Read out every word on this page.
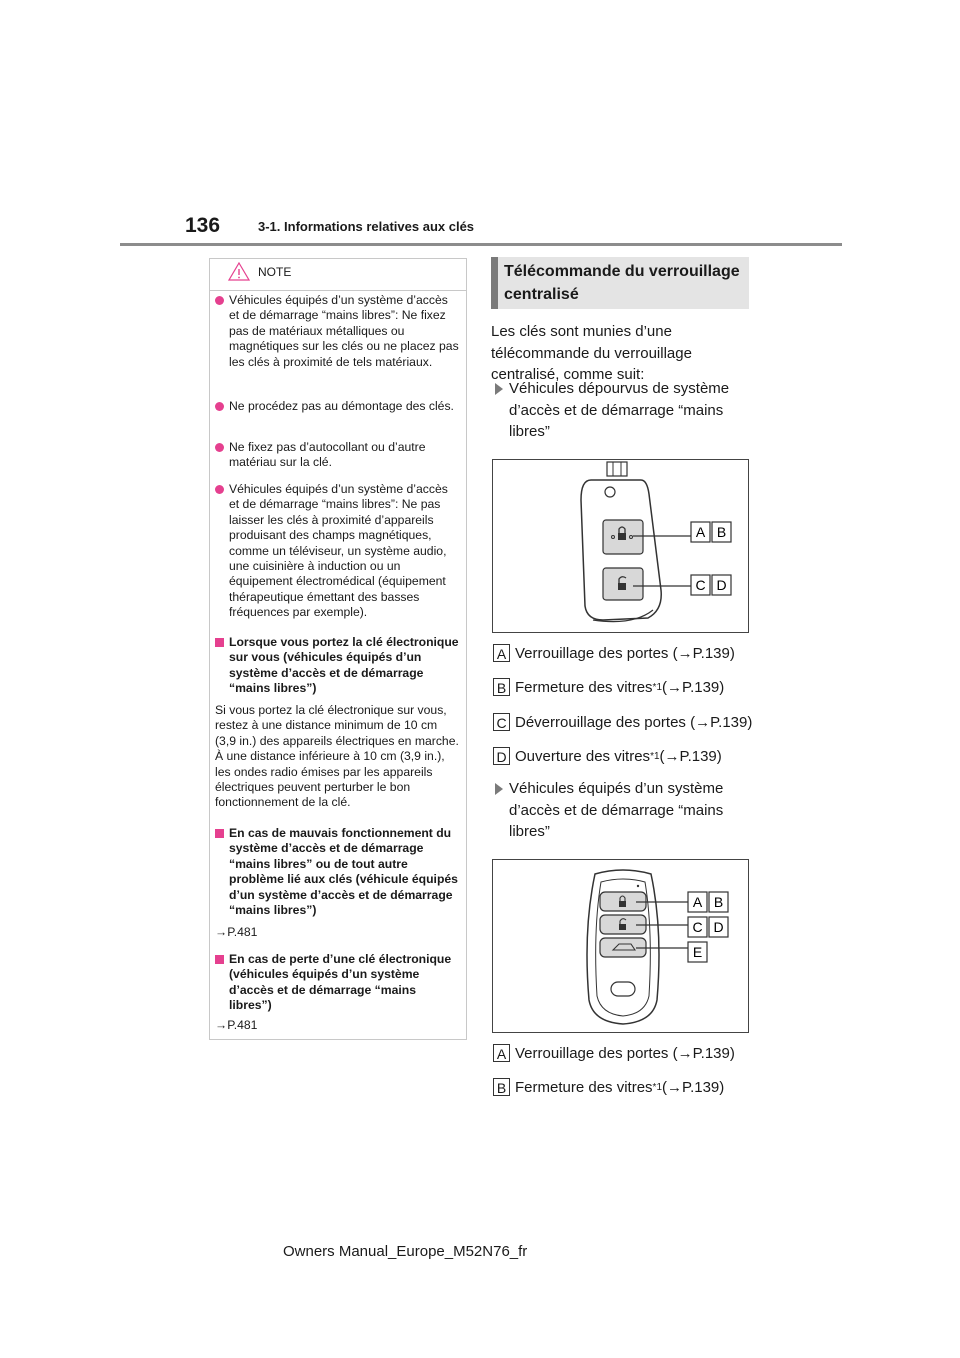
136	3-1. Informations relatives aux clés
NOTE
Véhicules équipés d’un système d’accès et de démarrage “mains libres”: Ne fixez pas de matériaux métalliques ou magnétiques sur les clés ou ne placez pas les clés à proximité de tels matériaux.
Ne procédez pas au démontage des clés.
Ne fixez pas d’autocollant ou d’autre matériau sur la clé.
Véhicules équipés d’un système d’accès et de démarrage “mains libres”: Ne pas laisser les clés à proximité d’appareils produisant des champs magnétiques, comme un téléviseur, un système audio, une cuisinière à induction ou un équipement électromédical (équipement thérapeutique émettant des basses fréquences par exemple).
Lorsque vous portez la clé électronique sur vous (véhicules équipés d’un système d’accès et de démarrage “mains libres”)
Si vous portez la clé électronique sur vous, restez à une distance minimum de 10 cm (3,9 in.) des appareils électriques en marche. À une distance inférieure à 10 cm (3,9 in.), les ondes radio émises par les appareils électriques peuvent perturber le bon fonctionnement de la clé.
En cas de mauvais fonctionnement du système d’accès et de démarrage “mains libres” ou de tout autre problème lié aux clés (véhicule équipés d’un système d’accès et de démarrage “mains libres”)
→P.481
En cas de perte d’une clé électronique (véhicules équipés d’un système d’accès et de démarrage “mains libres”)
→P.481
Télécommande du verrouillage centralisé
Les clés sont munies d’une télécommande du verrouillage centralisé, comme suit:
Véhicules dépourvus de système d’accès et de démarrage “mains libres”
A B
C D
A Verrouillage des portes (→P.139)
B Fermeture des vitres *1 (→P.139)
C Déverrouillage des portes (→P.139)
D Ouverture des vitres *1 (→P.139)
Véhicules équipés d’un système d’accès et de démarrage “mains libres”
A B
C D
E
A Verrouillage des portes (→P.139)
B Fermeture des vitres *1 (→P.139)
Owners Manual_Europe_M52N76_fr
